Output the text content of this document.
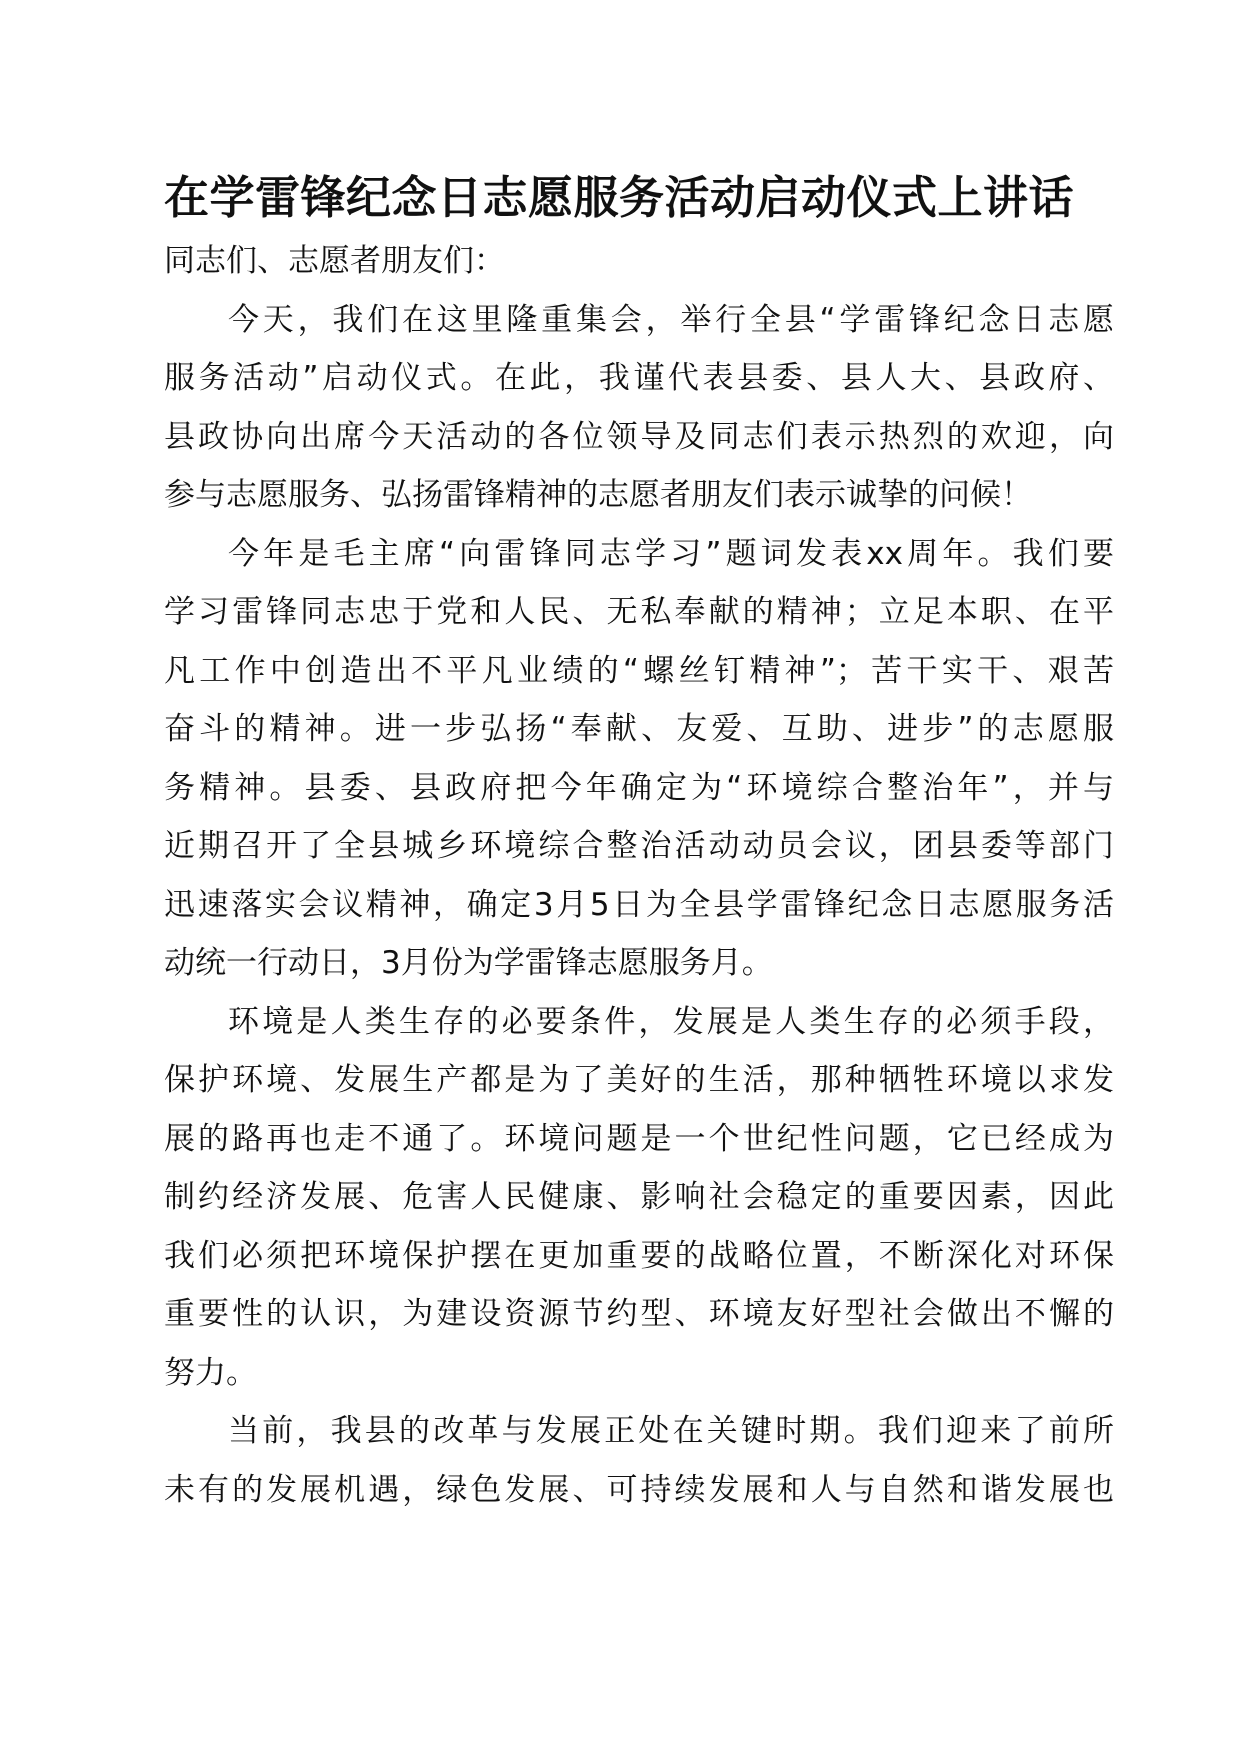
在学雷锋纪念日志愿服务活动启动仪式上讲话

同志们、志愿者朋友们：

今天，我们在这里隆重集会，举行全县“学雷锋纪念日志愿
服务活动”启动仪式。在此，我谨代表县委、县人大、县政府、
县政协向出席今天活动的各位领导及同志们表示热烈的欢迎，向
参与志愿服务、弘扬雷锋精神的志愿者朋友们表示诚挚的问候！

今年是毛主席“向雷锋同志学习”题词发表xx周年。我们要
学习雷锋同志忠于党和人民、无私奉献的精神；立足本职、在平
凡工作中创造出不平凡业绩的“螺丝钉精神”；苦干实干、艰苦
奋斗的精神。进一步弘扬“奉献、友爱、互助、进步”的志愿服
务精神。县委、县政府把今年确定为“环境综合整治年”，并与
近期召开了全县城乡环境综合整治活动动员会议，团县委等部门
迅速落实会议精神，确定3月5日为全县学雷锋纪念日志愿服务活
动统一行动日，3月份为学雷锋志愿服务月。

环境是人类生存的必要条件，发展是人类生存的必须手段，
保护环境、发展生产都是为了美好的生活，那种牺牲环境以求发
展的路再也走不通了。环境问题是一个世纪性问题，它已经成为
制约经济发展、危害人民健康、影响社会稳定的重要因素，因此
我们必须把环境保护摆在更加重要的战略位置，不断深化对环保
重要性的认识，为建设资源节约型、环境友好型社会做出不懈的
努力。

当前，我县的改革与发展正处在关键时期。我们迎来了前所
未有的发展机遇，绿色发展、可持续发展和人与自然和谐发展也
